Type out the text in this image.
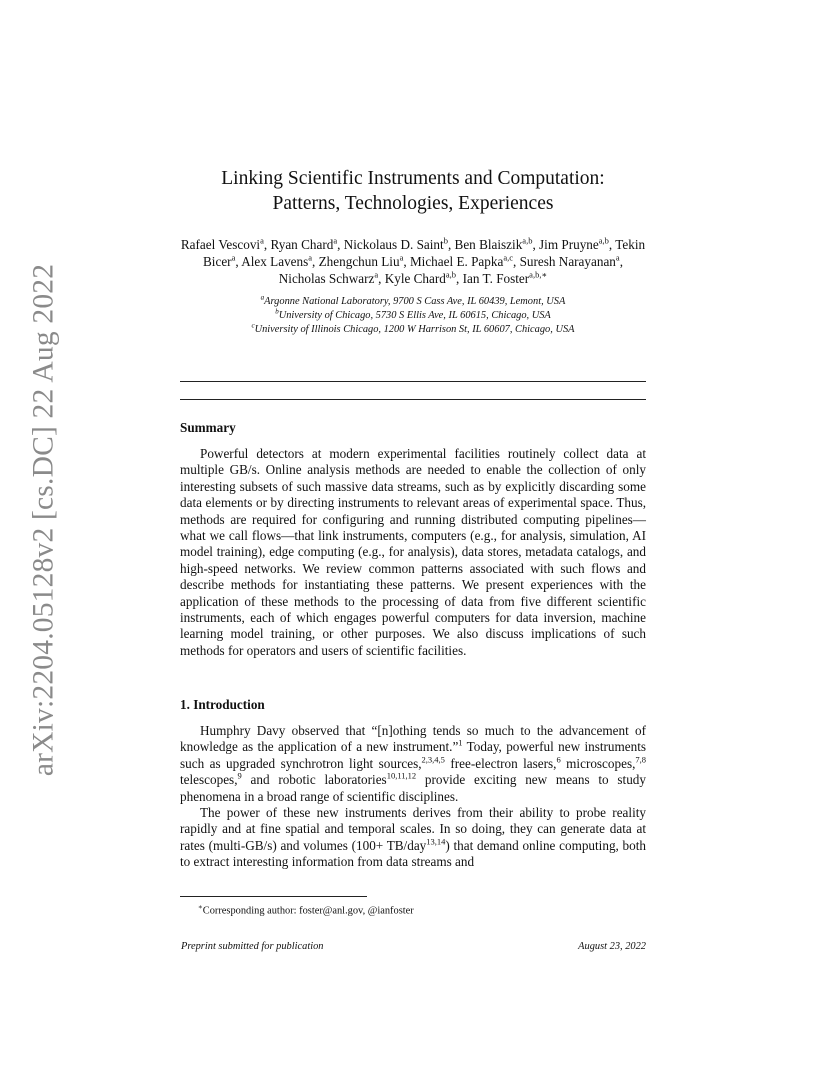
arXiv:2204.05128v2 [cs.DC] 22 Aug 2022
Linking Scientific Instruments and Computation:
Patterns, Technologies, Experiences
Rafael Vescovi$^a$, Ryan Chard$^a$, Nickolaus D. Saint$^b$, Ben Blaiszik$^{a,b}$, Jim Pruyne$^{a,b}$, Tekin Bicer$^a$, Alex Lavens$^a$, Zhengchun Liu$^a$, Michael E. Papka$^{a,c}$, Suresh Narayanan$^a$, Nicholas Schwarz$^a$, Kyle Chard$^{a,b}$, Ian T. Foster$^{a,b,∗}$
$^a$Argonne National Laboratory, 9700 S Cass Ave, IL 60439, Lemont, USA
$^b$University of Chicago, 5730 S Ellis Ave, IL 60615, Chicago, USA
$^c$University of Illinois Chicago, 1200 W Harrison St, IL 60607, Chicago, USA
Summary

Powerful detectors at modern experimental facilities routinely collect data at multiple GB/s. Online analysis methods are needed to enable the collection of only interesting subsets of such massive data streams, such as by explicitly discarding some data elements or by directing instruments to relevant areas of experimental space. Thus, methods are required for configuring and running distributed computing pipelines—what we call flows—that link instruments, computers (e.g., for analysis, simulation, AI model training), edge computing (e.g., for analysis), data stores, metadata catalogs, and high-speed networks. We review common patterns associated with such flows and describe methods for instantiating these patterns. We present experiences with the application of these methods to the processing of data from five different scientific instruments, each of which engages powerful computers for data inversion, machine learning model training, or other purposes. We also discuss implications of such methods for operators and users of scientific facilities.

1. Introduction

Humphry Davy observed that “[n]othing tends so much to the advancement of knowledge as the application of a new instrument.”$^1$ Today, powerful new instruments such as upgraded synchrotron light sources,$^{2,3,4,5}$ free-electron lasers,$^6$ microscopes,$^{7,8}$ telescopes,$^9$ and robotic laboratories$^{10,11,12}$ provide exciting new means to study phenomena in a broad range of scientific disciplines.

The power of these new instruments derives from their ability to probe reality rapidly and at fine spatial and temporal scales. In so doing, they can generate data at rates (multi-GB/s) and volumes (100+ TB/day$^{13,14}$) that demand online computing, both to extract interesting information from data streams and

∗Corresponding author: foster@anl.gov, @ianfoster
Preprint submitted for publication	August 23, 2022
